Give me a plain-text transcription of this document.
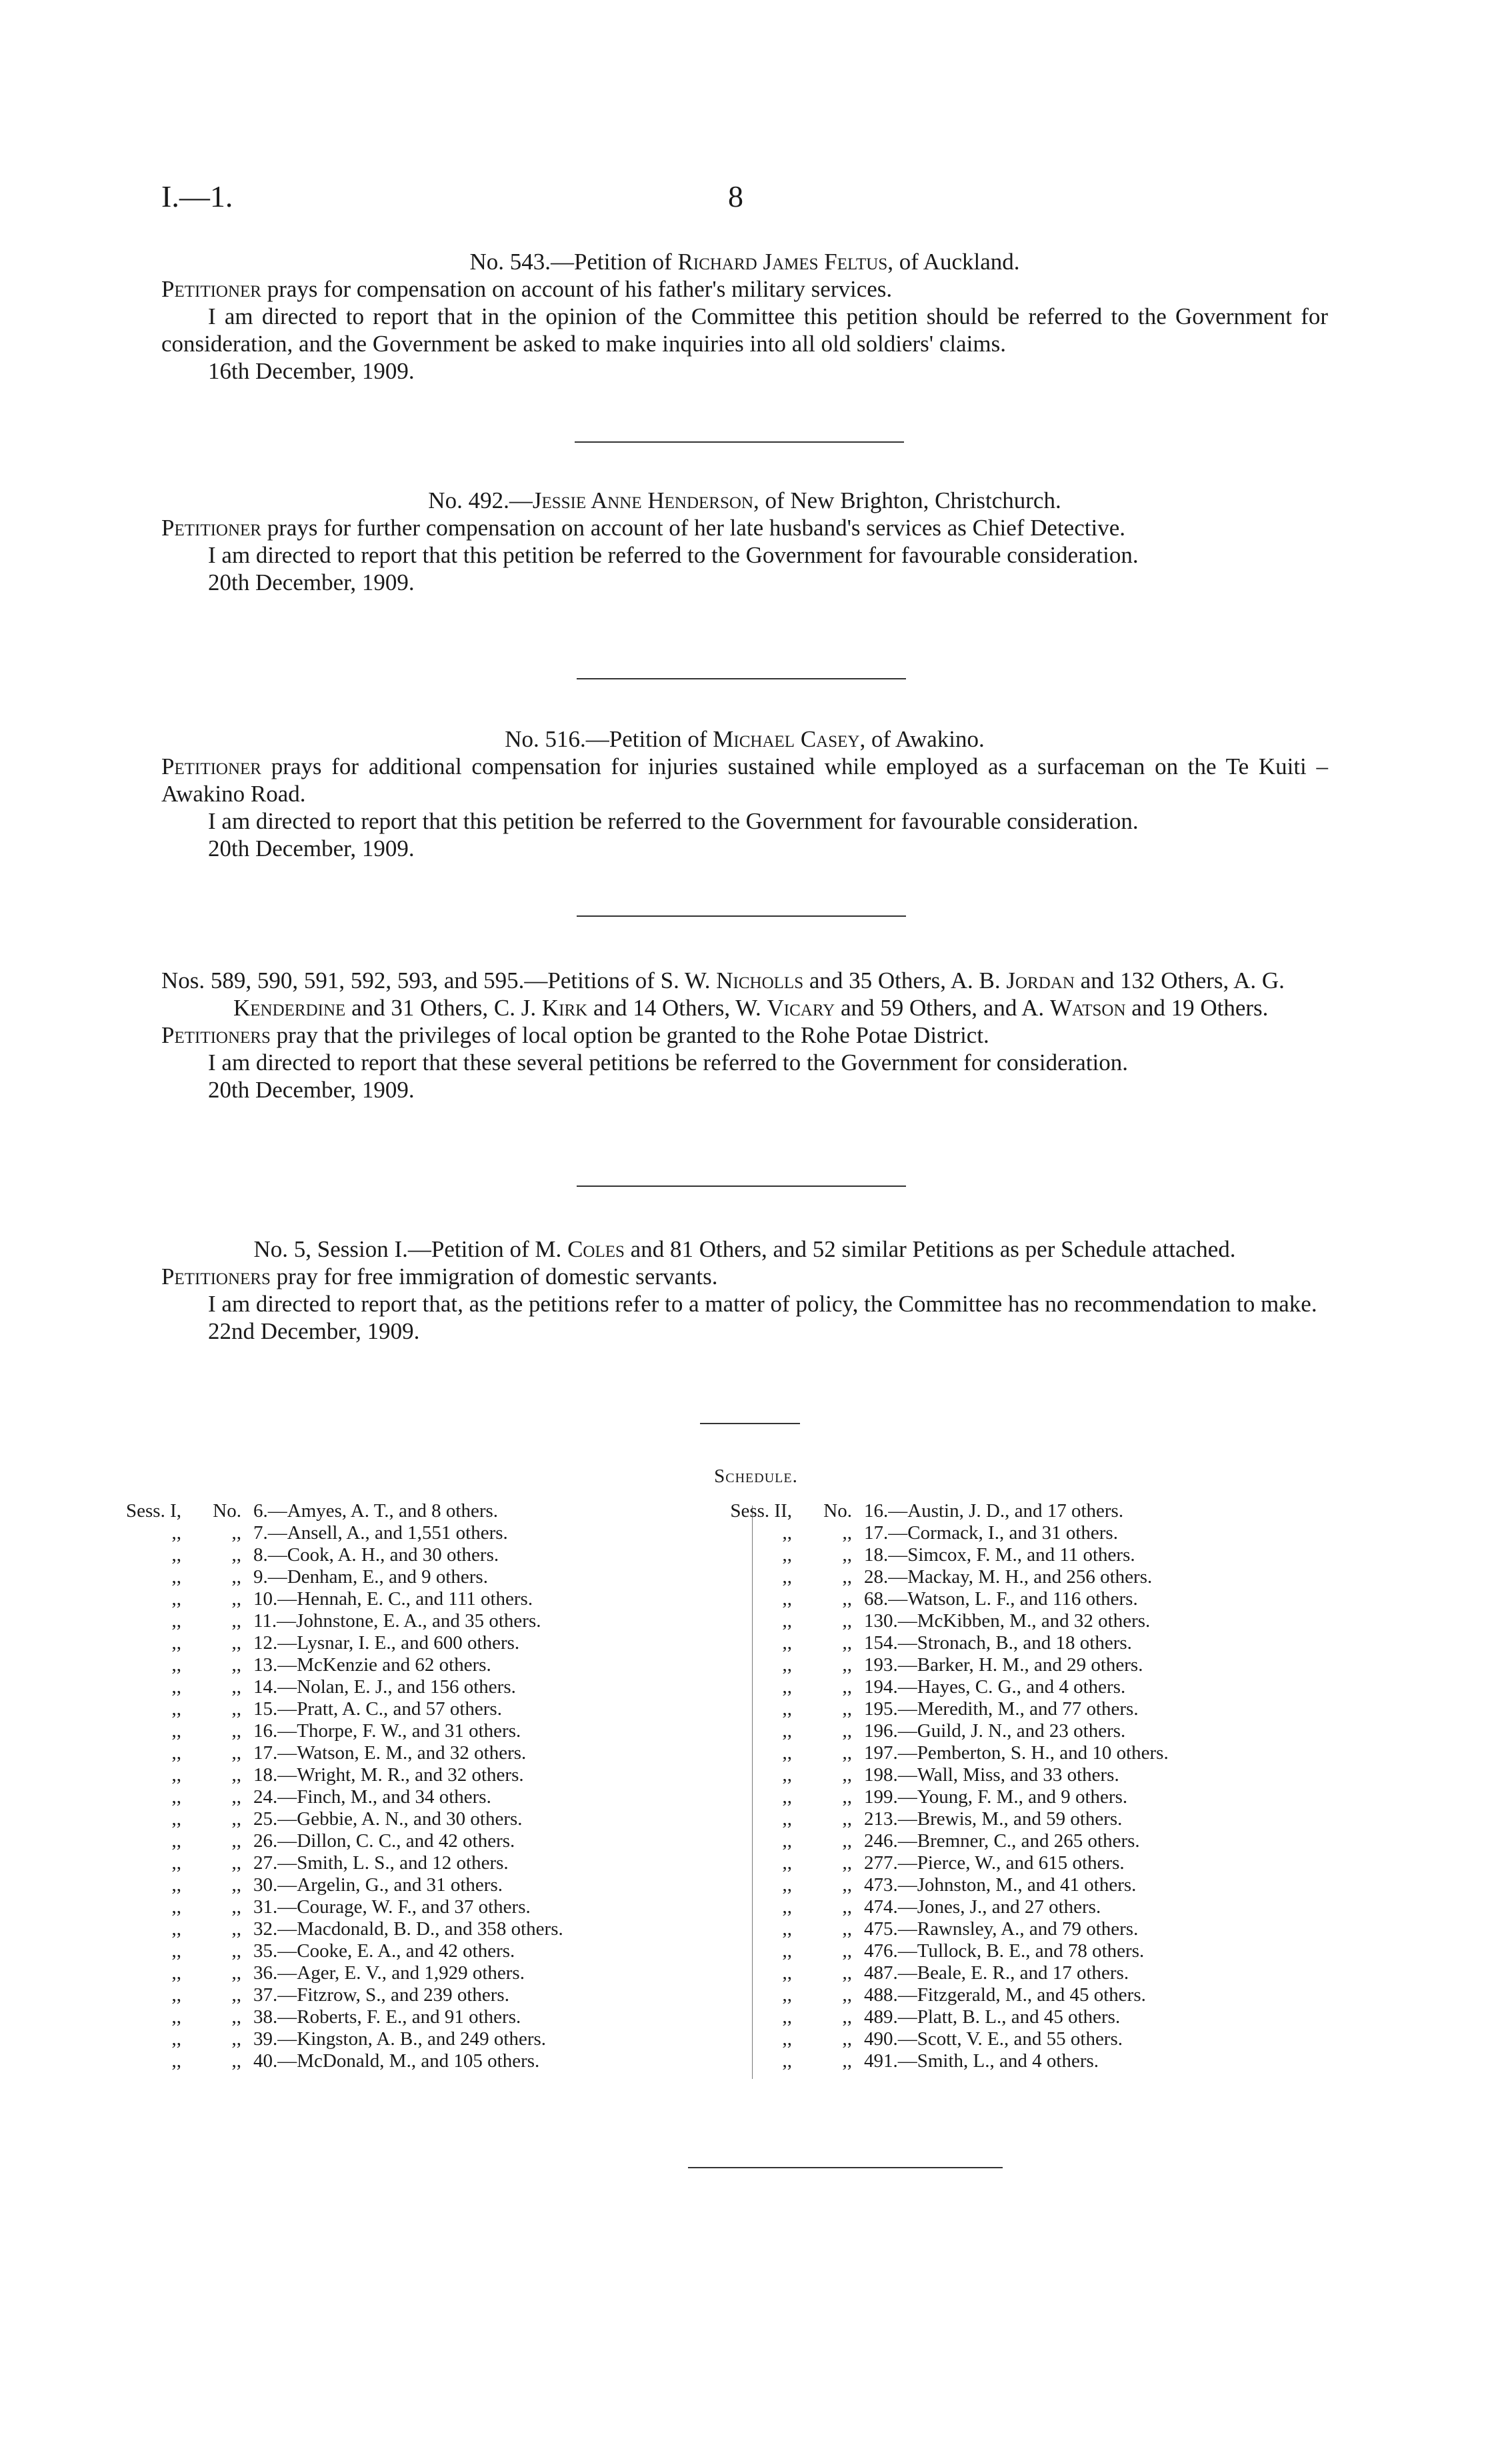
I.—1.	8

No. 543.—Petition of Richard James Feltus, of Auckland.

Petitioner prays for compensation on account of his father's military services.

I am directed to report that in the opinion of the Committee this petition should be referred to the Government for consideration, and the Government be asked to make inquiries into all old soldiers' claims.

16th December, 1909.

No. 492.—Jessie Anne Henderson, of New Brighton, Christchurch.

Petitioner prays for further compensation on account of her late husband's services as Chief Detective.

I am directed to report that this petition be referred to the Government for favourable consideration.

20th December, 1909.

No. 516.—Petition of Michael Casey, of Awakino.

Petitioner prays for additional compensation for injuries sustained while employed as a surfaceman on the Te Kuiti – Awakino Road.

I am directed to report that this petition be referred to the Government for favourable consideration.

20th December, 1909.

Nos. 589, 590, 591, 592, 593, and 595.—Petitions of S. W. Nicholls and 35 Others, A. B. Jordan and 132 Others, A. G. Kenderdine and 31 Others, C. J. Kirk and 14 Others, W. Vicary and 59 Others, and A. Watson and 19 Others.

Petitioners pray that the privileges of local option be granted to the Rohe Potae District.

I am directed to report that these several petitions be referred to the Government for consideration.

20th December, 1909.

No. 5, Session I.—Petition of M. Coles and 81 Others, and 52 similar Petitions as per Schedule attached.

Petitioners pray for free immigration of domestic servants.

I am directed to report that, as the petitions refer to a matter of policy, the Committee has no recommendation to make.

22nd December, 1909.

Schedule.
Sess. I,	No. 6.—Amyes, A. T., and 8 others.
,,	,, 7.—Ansell, A., and 1,551 others.
,,	,, 8.—Cook, A. H., and 30 others.
,,	,, 9.—Denham, E., and 9 others.
,,	,, 10.—Hennah, E. C., and 111 others.
,,	,, 11.—Johnstone, E. A., and 35 others.
,,	,, 12.—Lysnar, I. E., and 600 others.
,,	,, 13.—McKenzie and 62 others.
,,	,, 14.—Nolan, E. J., and 156 others.
,,	,, 15.—Pratt, A. C., and 57 others.
,,	,, 16.—Thorpe, F. W., and 31 others.
,,	,, 17.—Watson, E. M., and 32 others.
,,	,, 18.—Wright, M. R., and 32 others.
,,	,, 24.—Finch, M., and 34 others.
,,	,, 25.—Gebbie, A. N., and 30 others.
,,	,, 26.—Dillon, C. C., and 42 others.
,,	,, 27.—Smith, L. S., and 12 others.
,,	,, 30.—Argelin, G., and 31 others.
,,	,, 31.—Courage, W. F., and 37 others.
,,	,, 32.—Macdonald, B. D., and 358 others.
,,	,, 35.—Cooke, E. A., and 42 others.
,,	,, 36.—Ager, E. V., and 1,929 others.
,,	,, 37.—Fitzrow, S., and 239 others.
,,	,, 38.—Roberts, F. E., and 91 others.
,,	,, 39.—Kingston, A. B., and 249 others.
,,	,, 40.—McDonald, M., and 105 others.
Sess. II,	No. 16.—Austin, J. D., and 17 others.
,,	,, 17.—Cormack, I., and 31 others.
,,	,, 18.—Simcox, F. M., and 11 others.
,,	,, 28.—Mackay, M. H., and 256 others.
,,	,, 68.—Watson, L. F., and 116 others.
,,	,, 130.—McKibben, M., and 32 others.
,,	,, 154.—Stronach, B., and 18 others.
,,	,, 193.—Barker, H. M., and 29 others.
,,	,, 194.—Hayes, C. G., and 4 others.
,,	,, 195.—Meredith, M., and 77 others.
,,	,, 196.—Guild, J. N., and 23 others.
,,	,, 197.—Pemberton, S. H., and 10 others.
,,	,, 198.—Wall, Miss, and 33 others.
,,	,, 199.—Young, F. M., and 9 others.
,,	,, 213.—Brewis, M., and 59 others.
,,	,, 246.—Bremner, C., and 265 others.
,,	,, 277.—Pierce, W., and 615 others.
,,	,, 473.—Johnston, M., and 41 others.
,,	,, 474.—Jones, J., and 27 others.
,,	,, 475.—Rawnsley, A., and 79 others.
,,	,, 476.—Tullock, B. E., and 78 others.
,,	,, 487.—Beale, E. R., and 17 others.
,,	,, 488.—Fitzgerald, M., and 45 others.
,,	,, 489.—Platt, B. L., and 45 others.
,,	,, 490.—Scott, V. E., and 55 others.
,,	,, 491.—Smith, L., and 4 others.
